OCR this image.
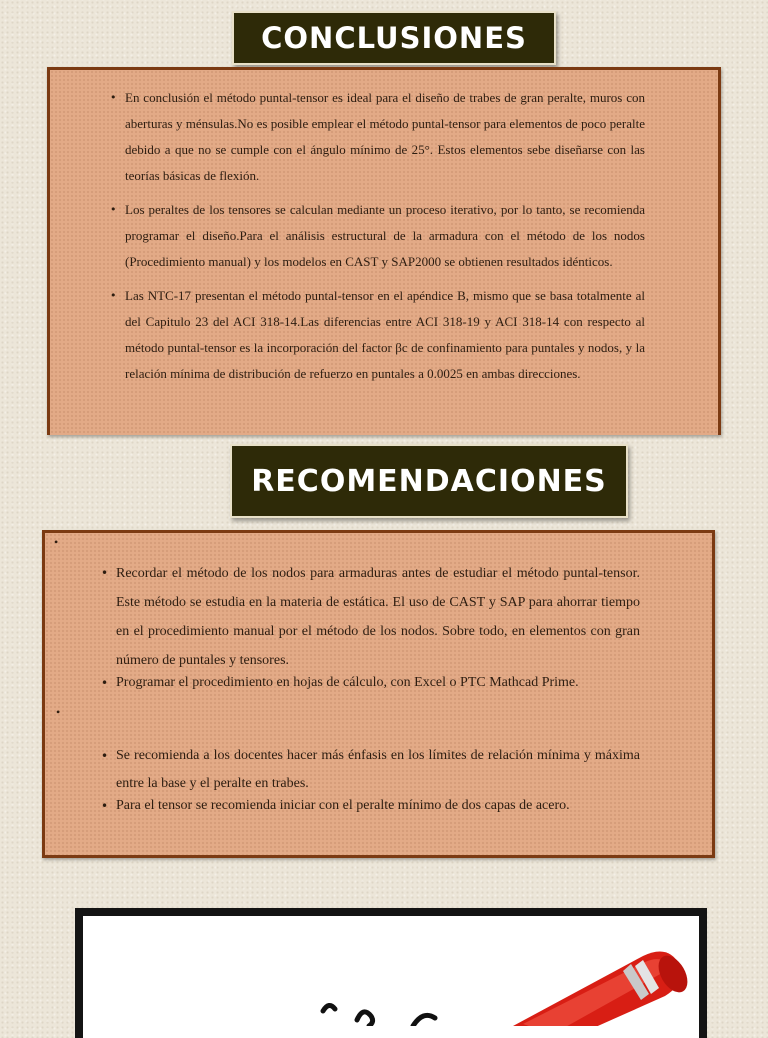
CONCLUSIONES
• En conclusión el método puntal-tensor es ideal para el diseño de trabes de gran peralte, muros con aberturas y ménsulas.No es posible emplear el método puntal-tensor para elementos de poco peralte debido a que no se cumple con el ángulo mínimo de 25°. Estos elementos sebe diseñarse con las teorías básicas de flexión.
• Los peraltes de los tensores se calculan mediante un proceso iterativo, por lo tanto, se recomienda programar el diseño.Para el análisis estructural de la armadura con el método de los nodos (Procedimiento manual) y los modelos en CAST y SAP2000 se obtienen resultados idénticos.
• Las NTC-17 presentan el método puntal-tensor en el apéndice B, mismo que se basa totalmente al del Capitulo 23 del ACI 318-14.Las diferencias entre ACI 318-19 y ACI 318-14 con respecto al método puntal-tensor es la incorporación del factor βc de confinamiento para puntales y nodos, y la relación mínima de distribución de refuerzo en puntales a 0.0025 en ambas direcciones.
RECOMENDACIONES
•
•
• Recordar el método de los nodos para armaduras antes de estudiar el método puntal-tensor. Este método se estudia en la materia de estática. El uso de CAST y SAP para ahorrar tiempo en el procedimiento manual por el método de los nodos. Sobre todo, en elementos con gran número de puntales y tensores.
• Programar el procedimiento en hojas de cálculo, con Excel o PTC Mathcad Prime.
• Se recomienda a los docentes hacer más énfasis en los límites de relación mínima y máxima entre la base y el peralte en trabes.
• Para el tensor se recomienda iniciar con el peralte mínimo de dos capas de acero.
